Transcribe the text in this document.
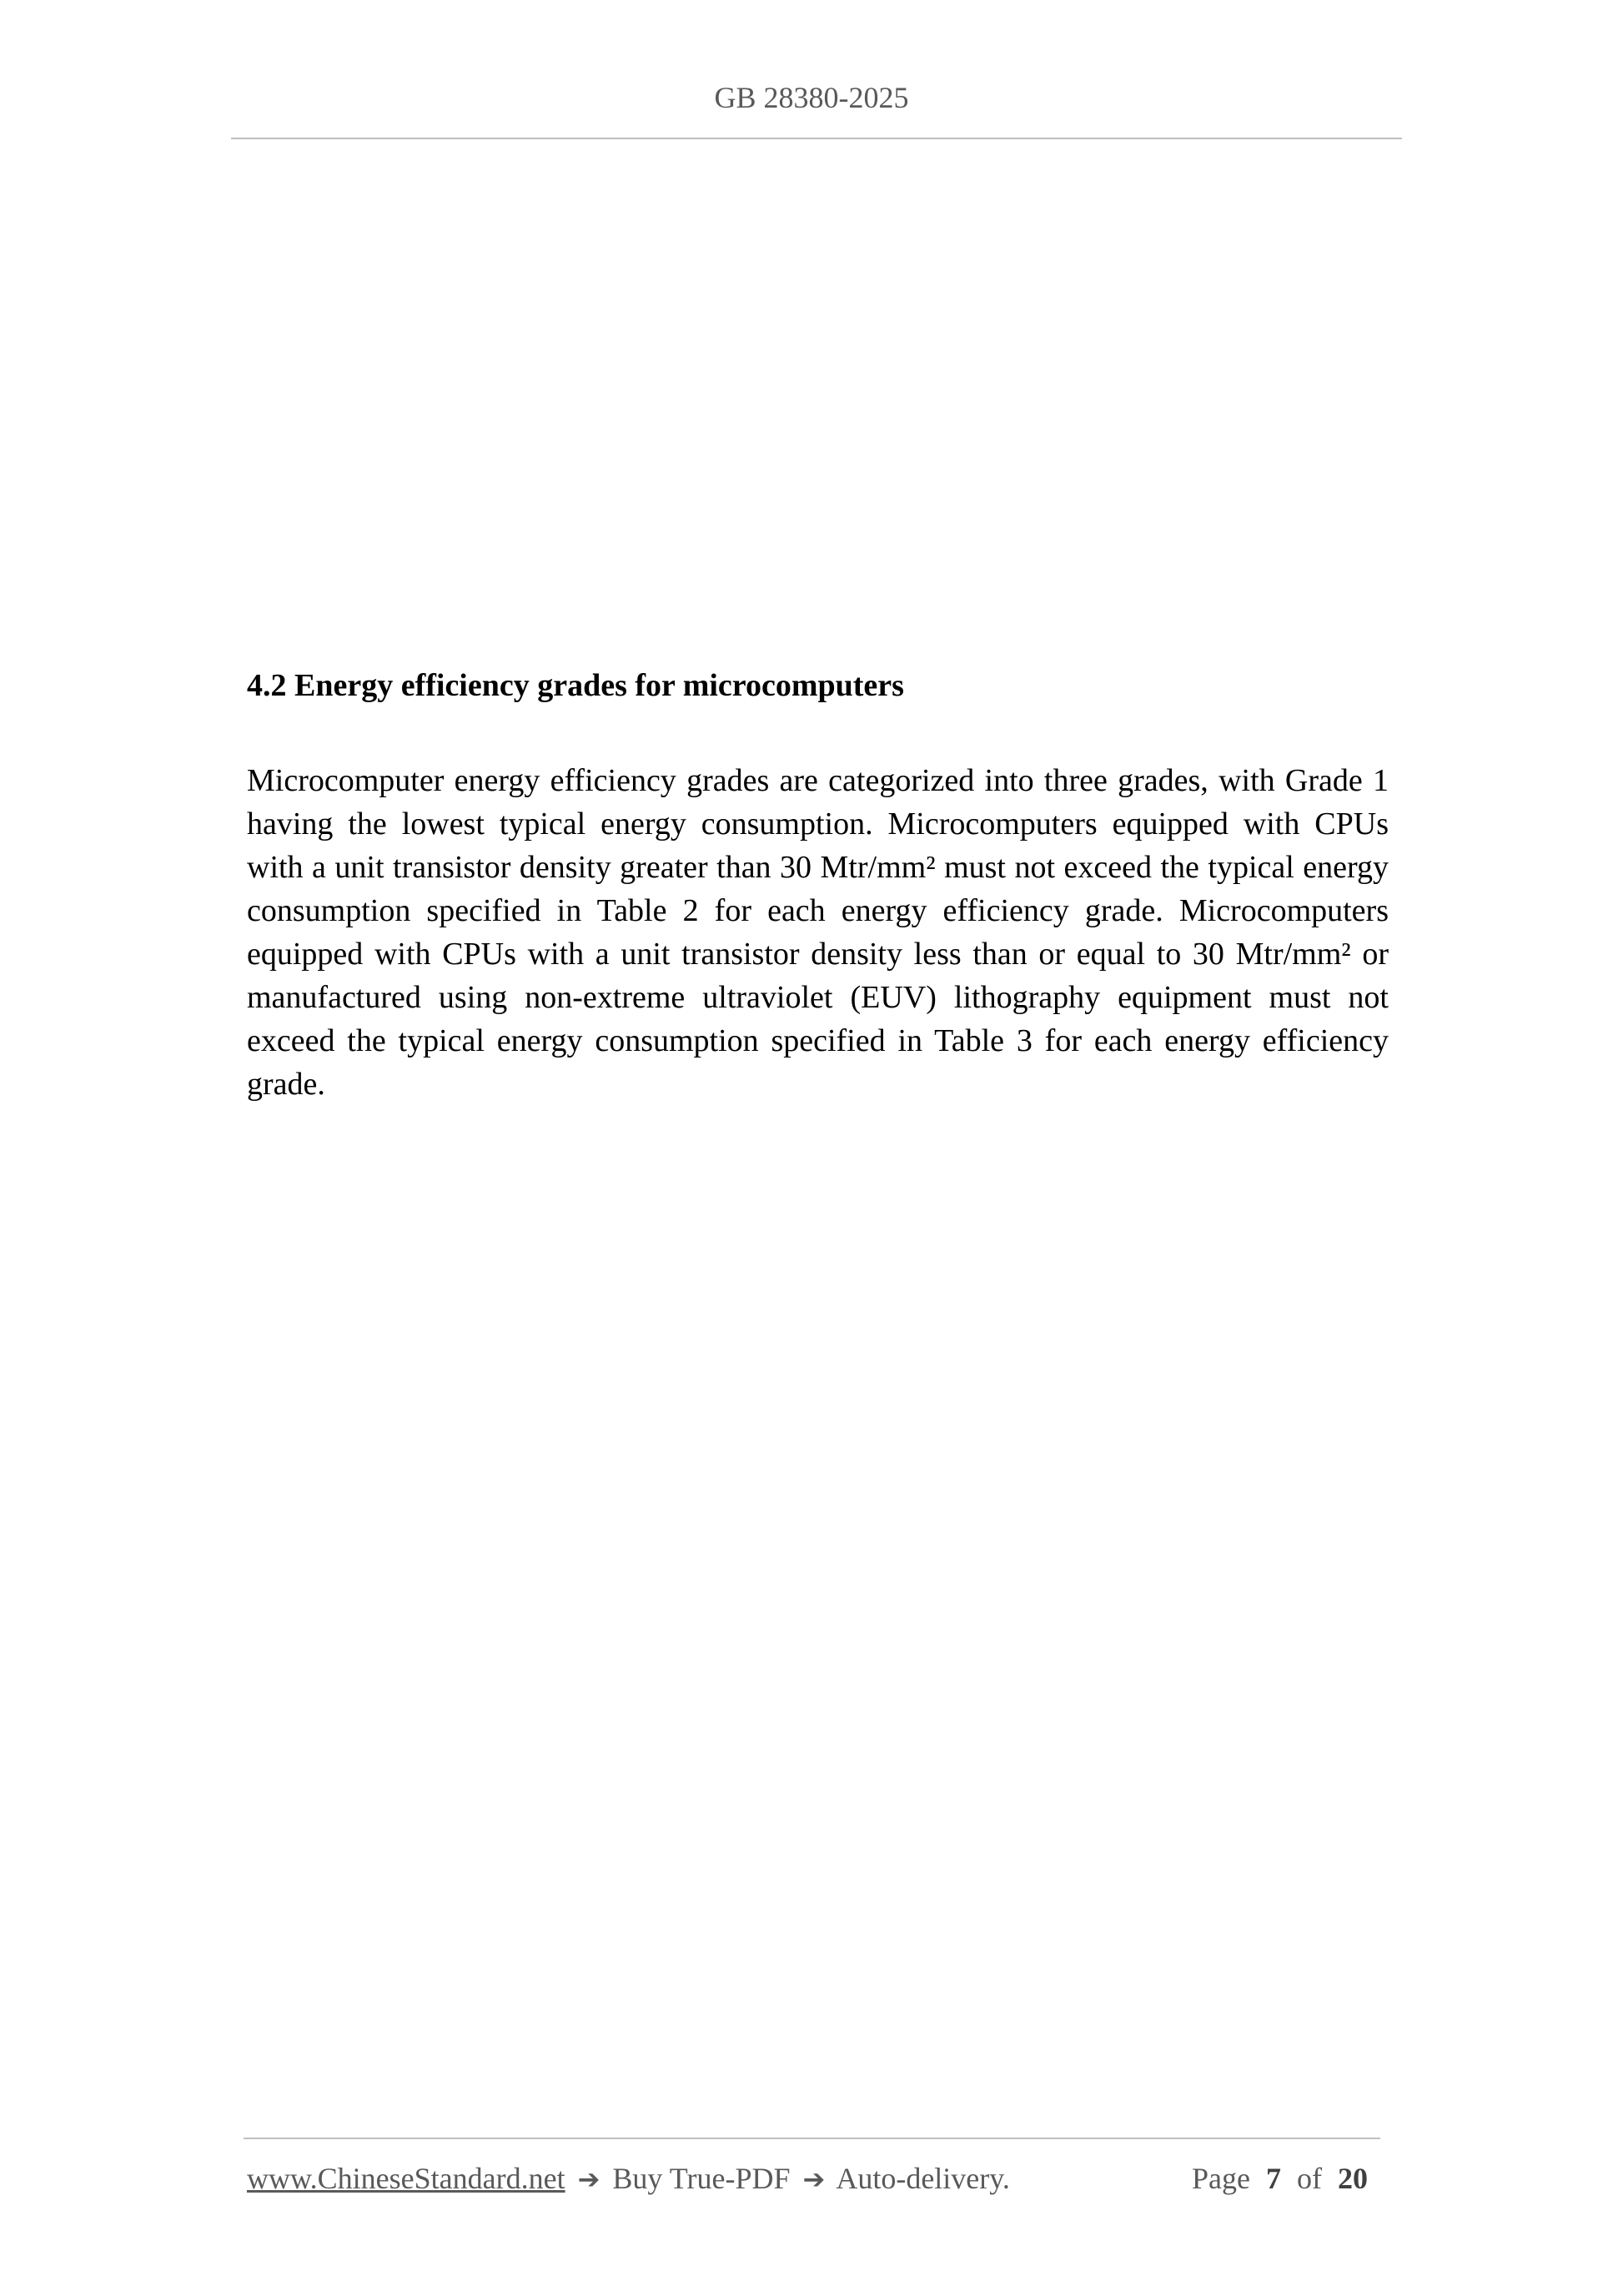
GB 28380-2025
4.2 Energy efficiency grades for microcomputers

Microcomputer energy efficiency grades are categorized into three grades, with Grade 1 having the lowest typical energy consumption. Microcomputers equipped with CPUs with a unit transistor density greater than 30 Mtr/mm² must not exceed the typical energy consumption specified in Table 2 for each energy efficiency grade. Microcomputers equipped with CPUs with a unit transistor density less than or equal to 30 Mtr/mm² or manufactured using non-extreme ultraviolet (EUV) lithography equipment must not exceed the typical energy consumption specified in Table 3 for each energy efficiency grade.

www.ChineseStandard.net ➔ Buy True-PDF ➔ Auto-delivery.	Page 7 of 20
